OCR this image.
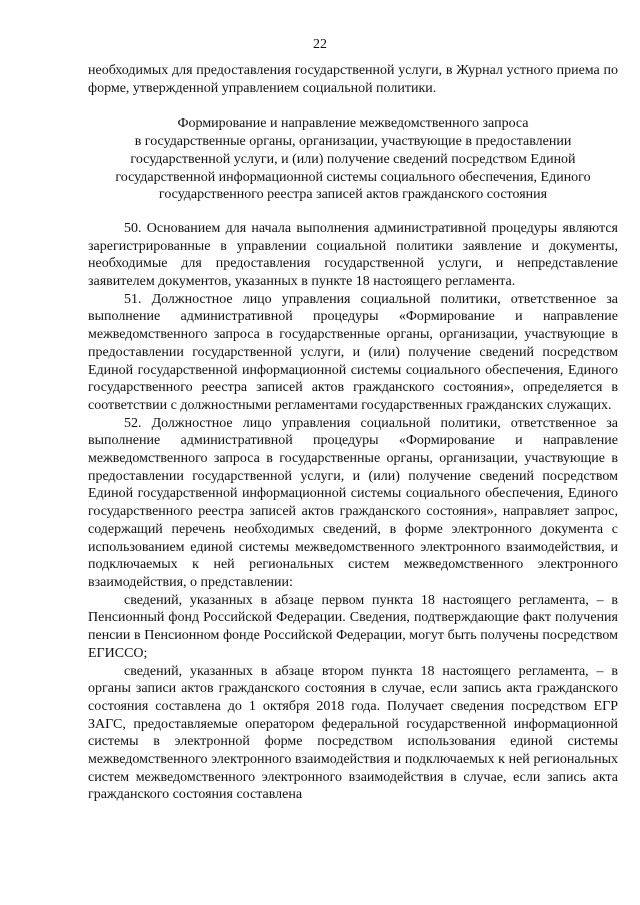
22

необходимых для предоставления государственной услуги, в Журнал устного приема по форме, утвержденной управлением социальной политики.

Формирование и направление межведомственного запроса
в государственные органы, организации, участвующие в предоставлении
государственной услуги, и (или) получение сведений посредством Единой
государственной информационной системы социального обеспечения, Единого
государственного реестра записей актов гражданского состояния

50. Основанием для начала выполнения административной процедуры являются зарегистрированные в управлении социальной политики заявление и документы, необходимые для предоставления государственной услуги, и непредставление заявителем документов, указанных в пункте 18 настоящего регламента.

51. Должностное лицо управления социальной политики, ответственное за выполнение административной процедуры «Формирование и направление межведомственного запроса в государственные органы, организации, участвующие в предоставлении государственной услуги, и (или) получение сведений посредством Единой государственной информационной системы социального обеспечения, Единого государственного реестра записей актов гражданского состояния», определяется в соответствии с должностными регламентами государственных гражданских служащих.

52. Должностное лицо управления социальной политики, ответственное за выполнение административной процедуры «Формирование и направление межведомственного запроса в государственные органы, организации, участвующие в предоставлении государственной услуги, и (или) получение сведений посредством Единой государственной информационной системы социального обеспечения, Единого государственного реестра записей актов гражданского состояния», направляет запрос, содержащий перечень необходимых сведений, в форме электронного документа с использованием единой системы межведомственного электронного взаимодействия, и подключаемых к ней региональных систем межведомственного электронного взаимодействия, о представлении:

сведений, указанных в абзаце первом пункта 18 настоящего регламента, – в Пенсионный фонд Российской Федерации. Сведения, подтверждающие факт получения пенсии в Пенсионном фонде Российской Федерации, могут быть получены посредством ЕГИССО;

сведений, указанных в абзаце втором пункта 18 настоящего регламента, – в органы записи актов гражданского состояния в случае, если запись акта гражданского состояния составлена до 1 октября 2018 года. Получает сведения посредством ЕГР ЗАГС, предоставляемые оператором федеральной государственной информационной системы в электронной форме посредством использования единой системы межведомственного электронного взаимодействия и подключаемых к ней региональных систем межведомственного электронного взаимодействия в случае, если запись акта гражданского состояния составлена
